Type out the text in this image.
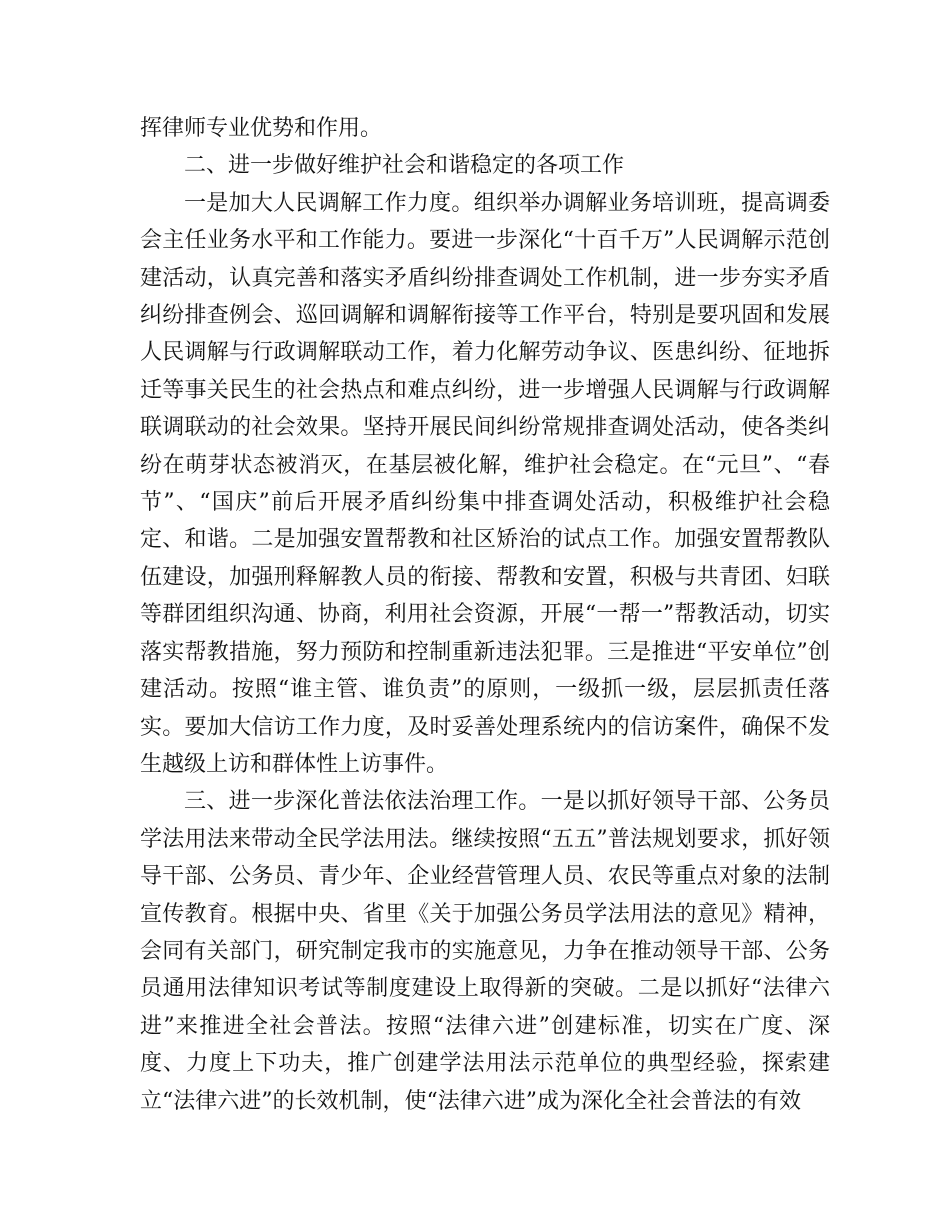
挥律师专业优势和作用。

二、进一步做好维护社会和谐稳定的各项工作

一是加大人民调解工作力度。组织举办调解业务培训班，提高调委会主任业务水平和工作能力。要进一步深化“十百千万”人民调解示范创建活动，认真完善和落实矛盾纠纷排查调处工作机制，进一步夯实矛盾纠纷排查例会、巡回调解和调解衔接等工作平台，特别是要巩固和发展人民调解与行政调解联动工作，着力化解劳动争议、医患纠纷、征地拆迁等事关民生的社会热点和难点纠纷，进一步增强人民调解与行政调解联调联动的社会效果。坚持开展民间纠纷常规排查调处活动，使各类纠纷在萌芽状态被消灭，在基层被化解，维护社会稳定。在“元旦”、“春节”、“国庆”前后开展矛盾纠纷集中排查调处活动，积极维护社会稳定、和谐。二是加强安置帮教和社区矫治的试点工作。加强安置帮教队伍建设，加强刑释解教人员的衔接、帮教和安置，积极与共青团、妇联等群团组织沟通、协商，利用社会资源，开展“一帮一”帮教活动，切实落实帮教措施，努力预防和控制重新违法犯罪。三是推进“平安单位”创建活动。按照“谁主管、谁负责”的原则，一级抓一级，层层抓责任落实。要加大信访工作力度，及时妥善处理系统内的信访案件，确保不发生越级上访和群体性上访事件。

三、进一步深化普法依法治理工作。一是以抓好领导干部、公务员学法用法来带动全民学法用法。继续按照“五五”普法规划要求，抓好领导干部、公务员、青少年、企业经营管理人员、农民等重点对象的法制宣传教育。根据中央、省里《关于加强公务员学法用法的意见》精神，会同有关部门，研究制定我市的实施意见，力争在推动领导干部、公务员通用法律知识考试等制度建设上取得新的突破。二是以抓好“法律六进”来推进全社会普法。按照“法律六进”创建标准，切实在广度、深度、力度上下功夫，推广创建学法用法示范单位的典型经验，探索建立“法律六进”的长效机制，使“法律六进”成为深化全社会普法的有效
